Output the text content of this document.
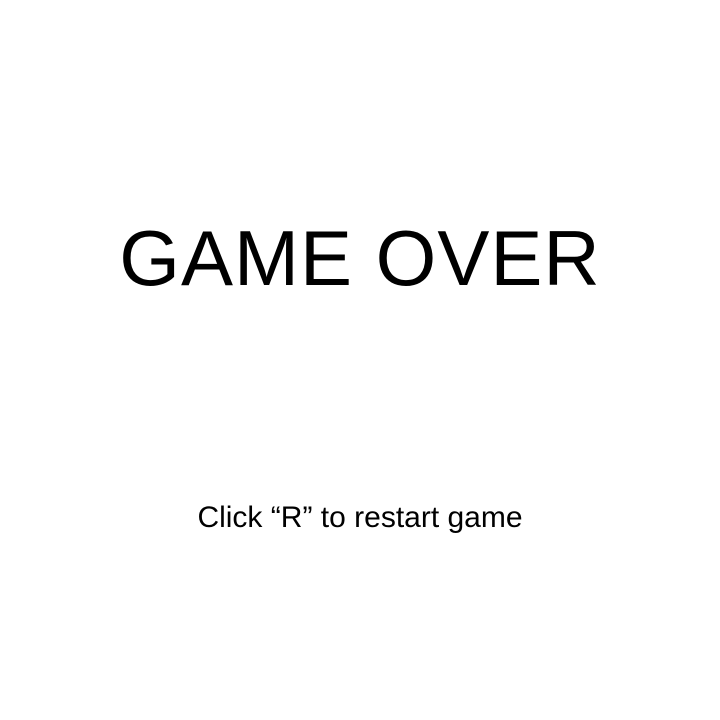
GAME OVER
Click “R” to restart game
